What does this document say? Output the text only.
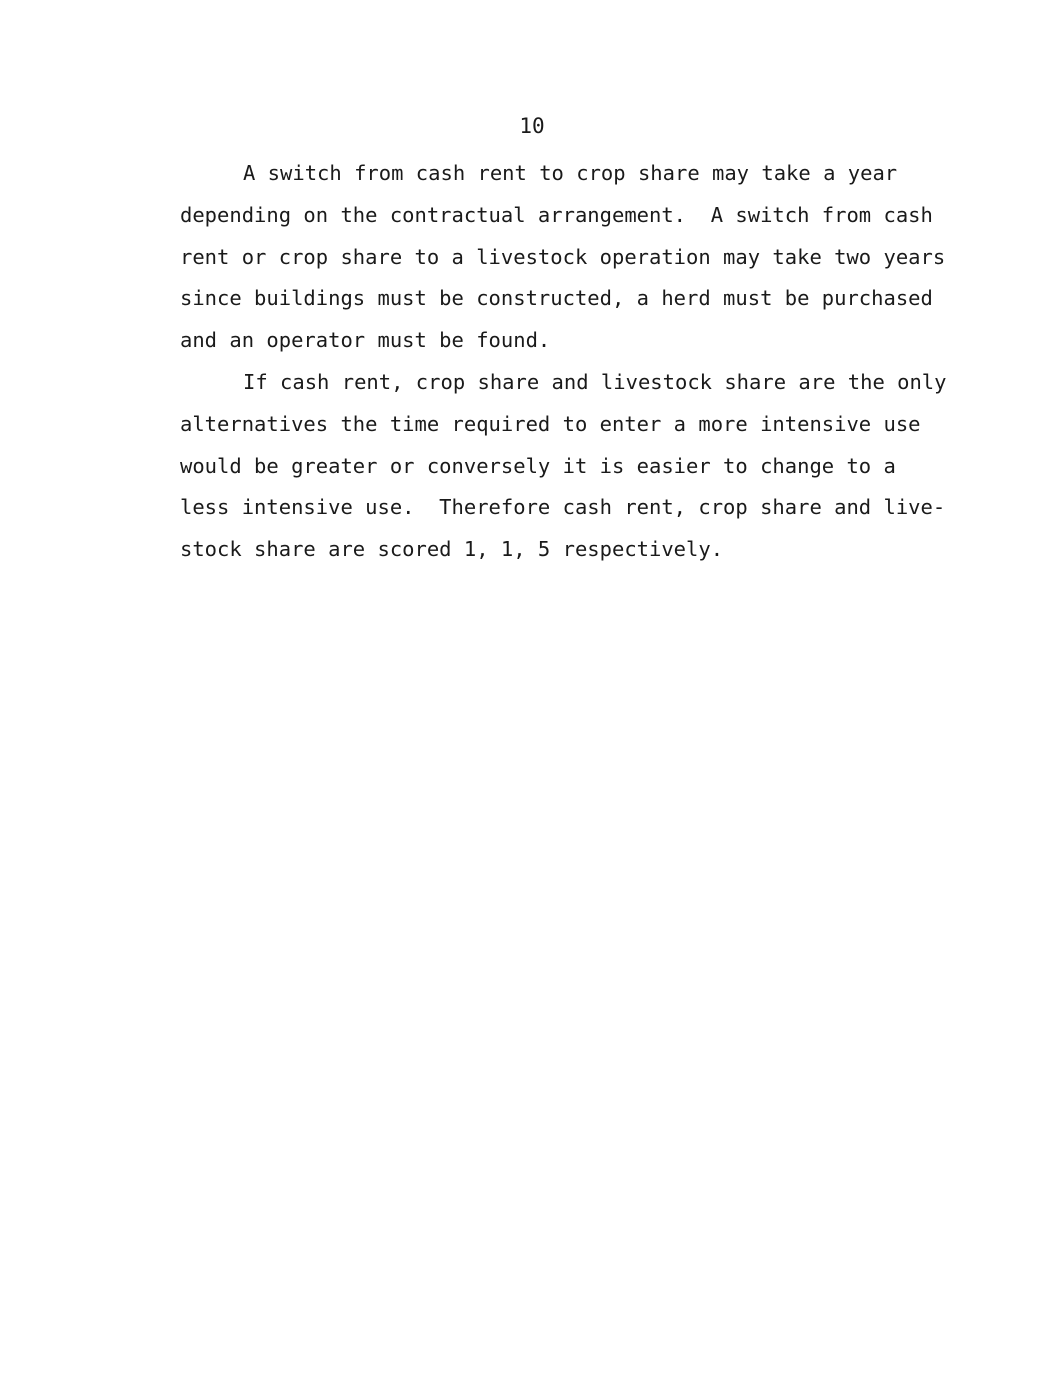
10
A switch from cash rent to crop share may take a year
depending on the contractual arrangement.  A switch from cash
rent or crop share to a livestock operation may take two years
since buildings must be constructed, a herd must be purchased
and an operator must be found.
If cash rent, crop share and livestock share are the only
alternatives the time required to enter a more intensive use
would be greater or conversely it is easier to change to a
less intensive use.  Therefore cash rent, crop share and live-
stock share are scored 1, 1, 5 respectively.
